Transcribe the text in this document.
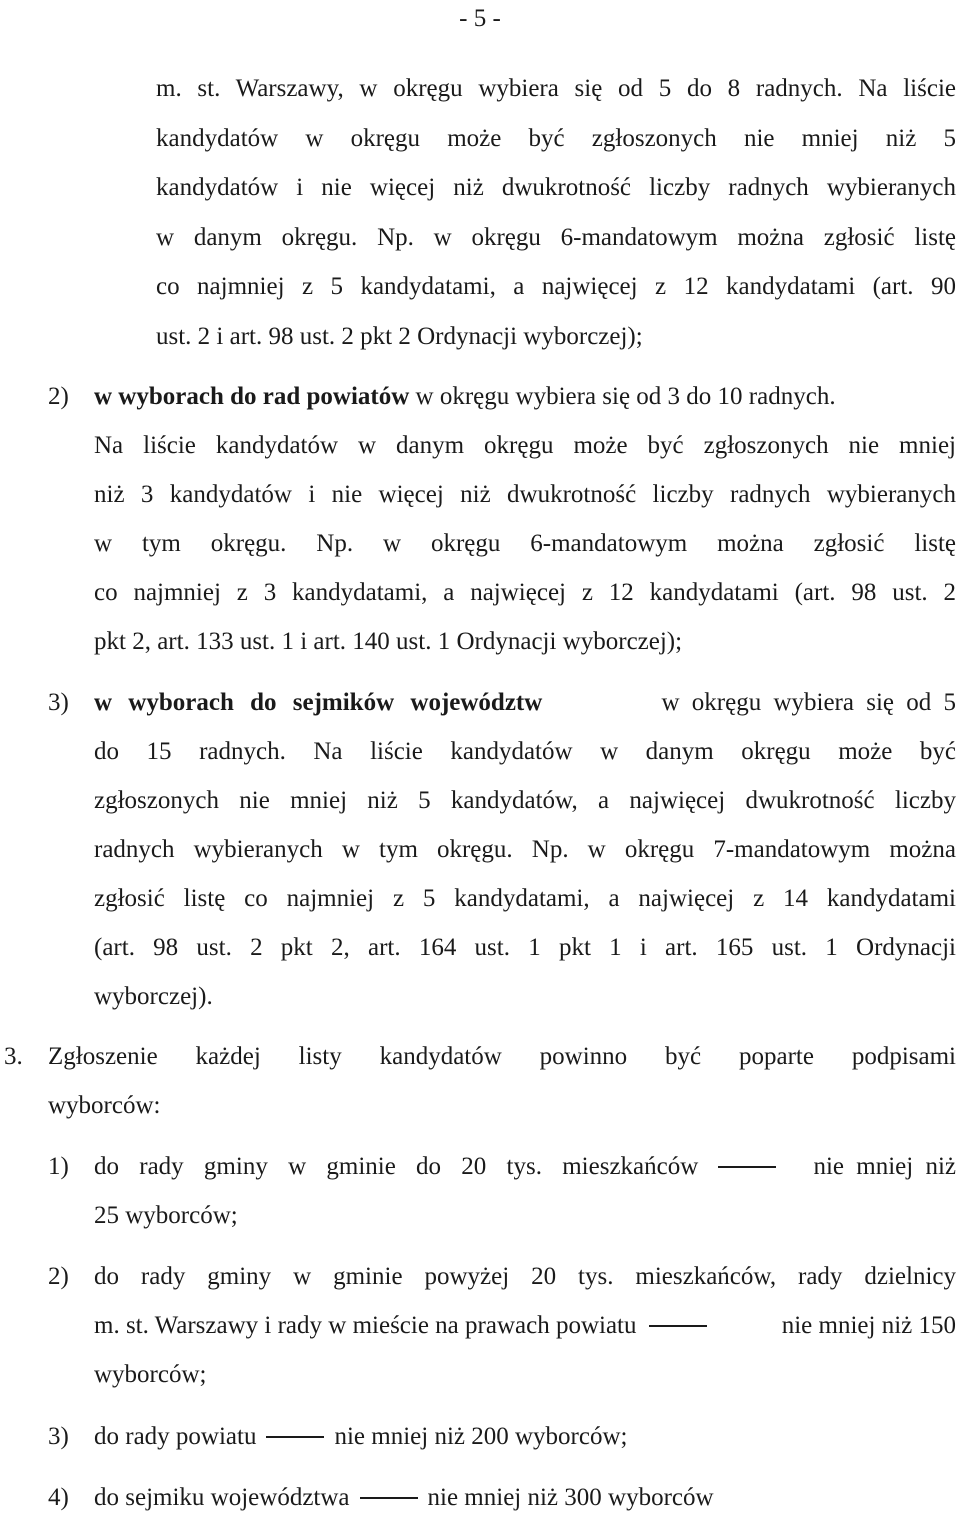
- 5 -
m. st. Warszawy, w okręgu wybiera się od 5 do 8 radnych. Na liście
kandydatów w okręgu może być zgłoszonych nie mniej niż 5
kandydatów i nie więcej niż dwukrotność liczby radnych wybieranych
w danym okręgu. Np. w okręgu 6-mandatowym można zgłosić listę
co najmniej z 5 kandydatami, a najwięcej z 12 kandydatami (art. 90
ust. 2 i art. 98 ust. 2 pkt 2 Ordynacji wyborczej);
2) w wyborach do rad powiatów w okręgu wybiera się od 3 do 10 radnych.
Na liście kandydatów w danym okręgu może być zgłoszonych nie mniej
niż 3 kandydatów i nie więcej niż dwukrotność liczby radnych wybieranych
w tym okręgu. Np. w okręgu 6-mandatowym można zgłosić listę
co najmniej z 3 kandydatami, a najwięcej z 12 kandydatami (art. 98 ust. 2
pkt 2, art. 133 ust. 1 i art. 140 ust. 1 Ordynacji wyborczej);
3) w wyborach do sejmików województw	w okręgu wybiera się od 5
do 15 radnych. Na liście kandydatów w danym okręgu może być
zgłoszonych nie mniej niż 5 kandydatów, a najwięcej dwukrotność liczby
radnych wybieranych w tym okręgu. Np. w okręgu 7-mandatowym można
zgłosić listę co najmniej z 5 kandydatami, a najwięcej z 14 kandydatami
(art. 98 ust. 2 pkt 2, art. 164 ust. 1 pkt 1 i art. 165 ust. 1 Ordynacji
wyborczej).
3. Zgłoszenie każdej listy kandydatów powinno być poparte podpisami
wyborców:
1) do rady gminy w gminie do 20 tys. mieszkańców	nie mniej niż
25 wyborców;
2) do rady gminy w gminie powyżej 20 tys. mieszkańców, rady dzielnicy
m. st. Warszawy i rady w mieście na prawach powiatu	nie mniej niż 150
wyborców;
3) do rady powiatu	nie mniej niż 200 wyborców;
4) do sejmiku województwa	nie mniej niż 300 wyborców
